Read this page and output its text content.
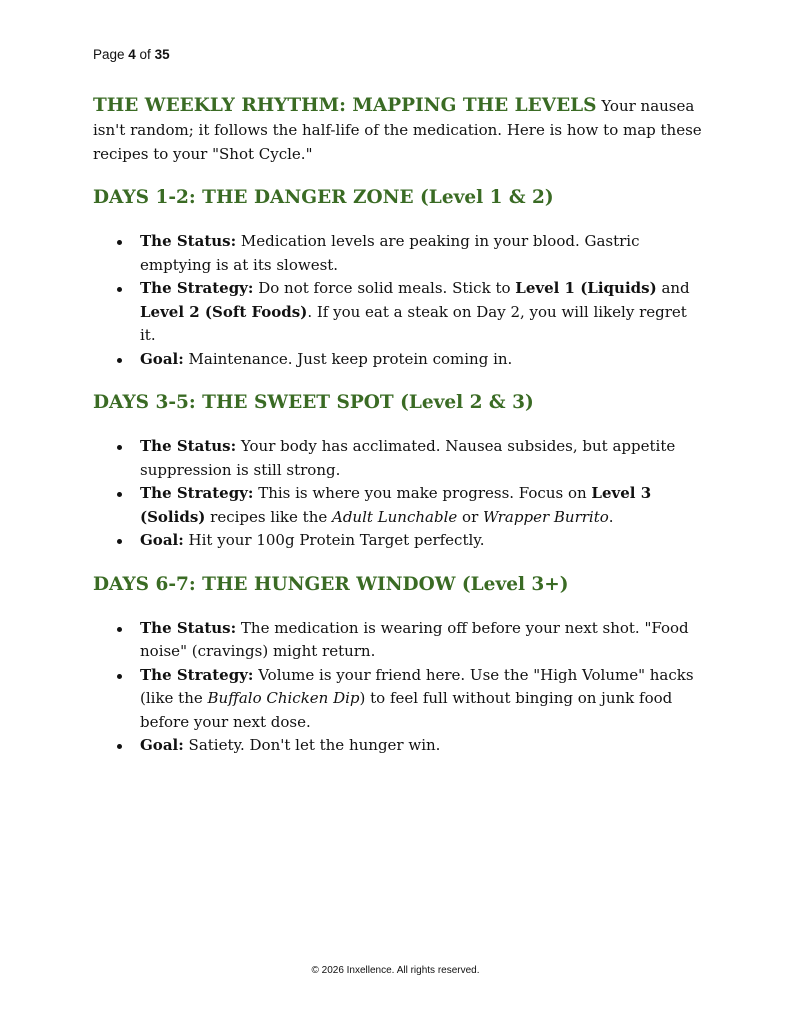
Page 4 of 35

THE WEEKLY RHYTHM: MAPPING THE LEVELS Your nausea isn't random; it follows the half-life of the medication. Here is how to map these recipes to your "Shot Cycle."

DAYS 1-2: THE DANGER ZONE (Level 1 & 2)
The Status: Medication levels are peaking in your blood. Gastric emptying is at its slowest.
The Strategy: Do not force solid meals. Stick to Level 1 (Liquids) and Level 2 (Soft Foods). If you eat a steak on Day 2, you will likely regret it.
Goal: Maintenance. Just keep protein coming in.
DAYS 3-5: THE SWEET SPOT (Level 2 & 3)
The Status: Your body has acclimated. Nausea subsides, but appetite suppression is still strong.
The Strategy: This is where you make progress. Focus on Level 3 (Solids) recipes like the Adult Lunchable or Wrapper Burrito.
Goal: Hit your 100g Protein Target perfectly.
DAYS 6-7: THE HUNGER WINDOW (Level 3+)
The Status: The medication is wearing off before your next shot. "Food noise" (cravings) might return.
The Strategy: Volume is your friend here. Use the "High Volume" hacks (like the Buffalo Chicken Dip) to feel full without binging on junk food before your next dose.
Goal: Satiety. Don't let the hunger win.
© 2026 Inxellence. All rights reserved.
